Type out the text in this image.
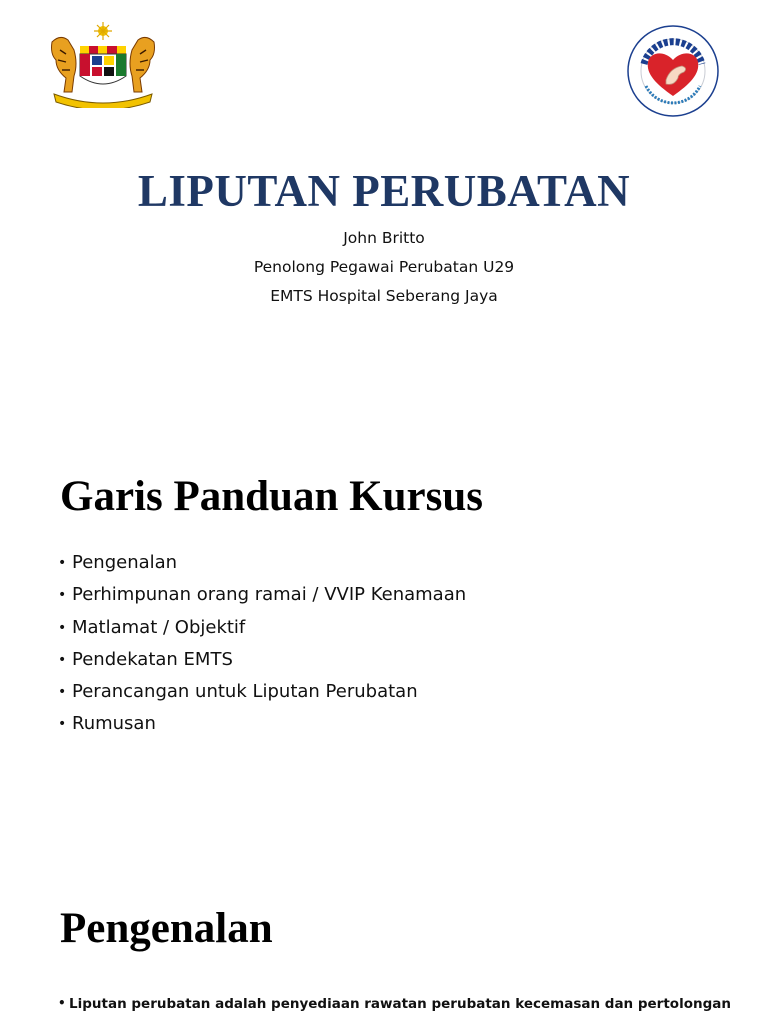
LIPUTAN PERUBATAN
John Britto
Penolong Pegawai Perubatan U29
EMTS Hospital Seberang Jaya
Garis Panduan Kursus
• Pengenalan
• Perhimpunan orang ramai / VVIP Kenamaan
• Matlamat / Objektif
• Pendekatan EMTS
• Perancangan untuk Liputan Perubatan
• Rumusan
Pengenalan
• Liputan perubatan adalah penyediaan rawatan perubatan kecemasan dan pertolongan
